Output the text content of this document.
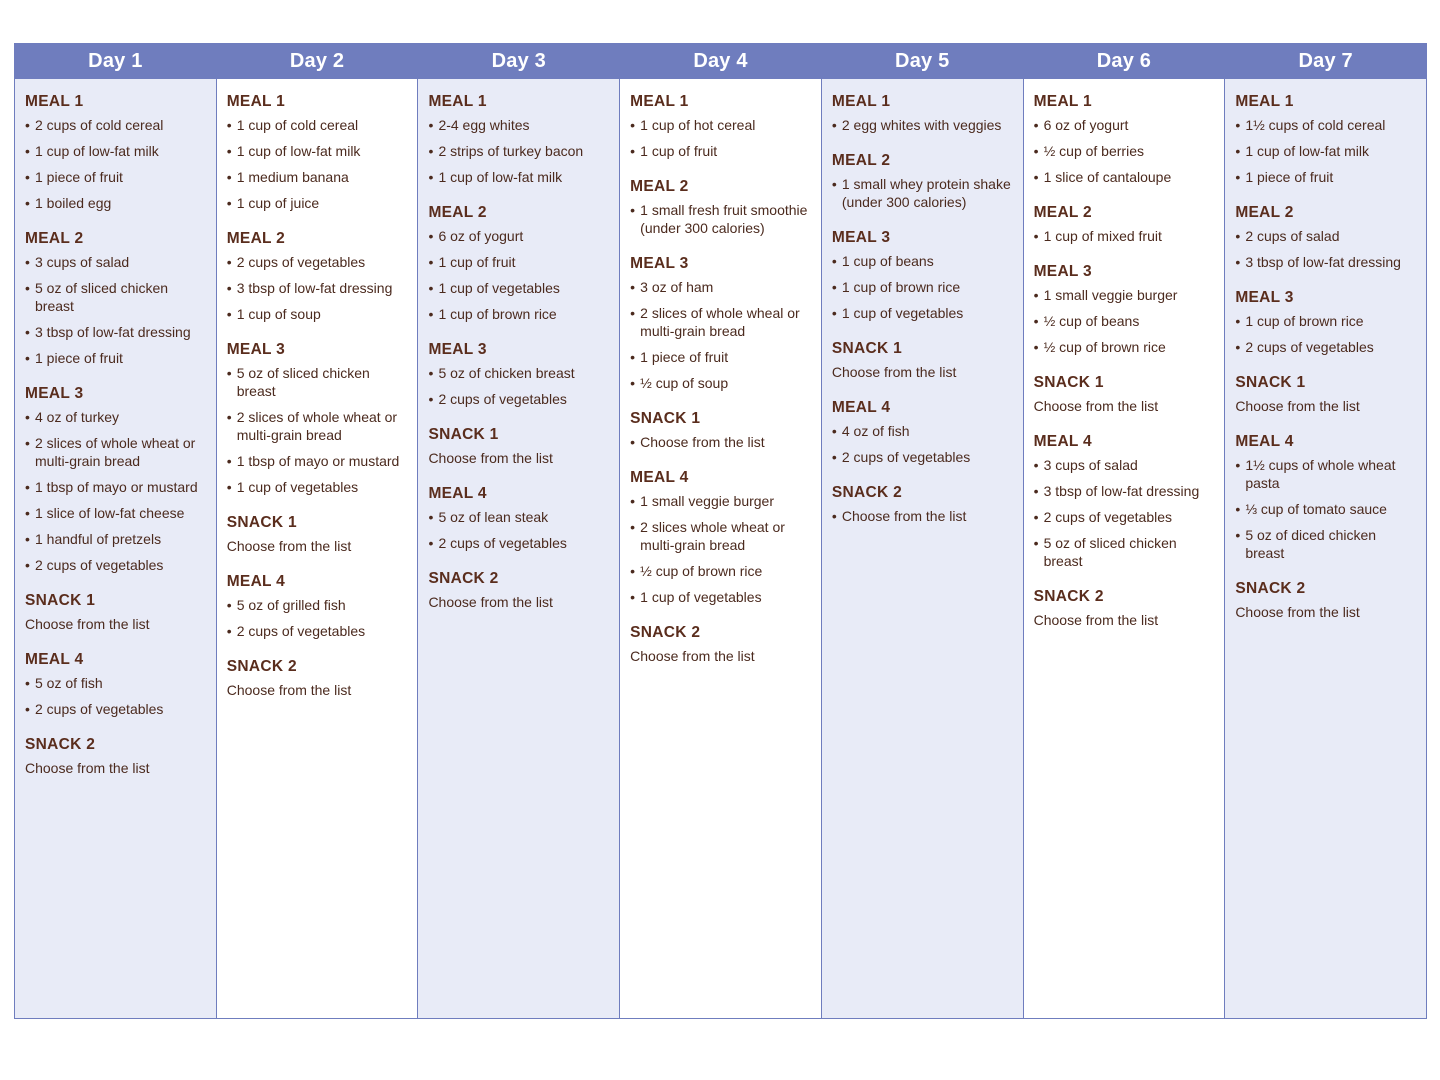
Day 1
MEAL 1
• 2 cups of cold cereal
• 1 cup of low-fat milk
• 1 piece of fruit
• 1 boiled egg
MEAL 2
• 3 cups of salad
• 5 oz of sliced chicken breast
• 3 tbsp of low-fat dressing
• 1 piece of fruit
MEAL 3
• 4 oz of turkey
• 2 slices of whole wheat or multi-grain bread
• 1 tbsp of mayo or mustard
• 1 slice of low-fat cheese
• 1 handful of pretzels
• 2 cups of vegetables
SNACK 1
Choose from the list
MEAL 4
• 5 oz of fish
• 2 cups of vegetables
SNACK 2
Choose from the list
Day 2
MEAL 1
• 1 cup of cold cereal
• 1 cup of low-fat milk
• 1 medium banana
• 1 cup of juice
MEAL 2
• 2 cups of vegetables
• 3 tbsp of low-fat dressing
• 1 cup of soup
MEAL 3
• 5 oz of sliced chicken breast
• 2 slices of whole wheat or multi-grain bread
• 1 tbsp of mayo or mustard
• 1 cup of vegetables
SNACK 1
Choose from the list
MEAL 4
• 5 oz of grilled fish
• 2 cups of vegetables
SNACK 2
Choose from the list
Day 3
MEAL 1
• 2-4 egg whites
• 2 strips of turkey bacon
• 1 cup of low-fat milk
MEAL 2
• 6 oz of yogurt
• 1 cup of fruit
• 1 cup of vegetables
• 1 cup of brown rice
MEAL 3
• 5 oz of chicken breast
• 2 cups of vegetables
SNACK 1
Choose from the list
MEAL 4
• 5 oz of lean steak
• 2 cups of vegetables
SNACK 2
Choose from the list
Day 4
MEAL 1
• 1 cup of hot cereal
• 1 cup of fruit
MEAL 2
• 1 small fresh fruit smoothie (under 300 calories)
MEAL 3
• 3 oz of ham
• 2 slices of whole wheal or multi-grain bread
• 1 piece of fruit
• ½ cup of soup
SNACK 1
• Choose from the list
MEAL 4
• 1 small veggie burger
• 2 slices whole wheat or multi-grain bread
• ½ cup of brown rice
• 1 cup of vegetables
SNACK 2
Choose from the list
Day 5
MEAL 1
• 2 egg whites with veggies
MEAL 2
• 1 small whey protein shake (under 300 calories)
MEAL 3
• 1 cup of beans
• 1 cup of brown rice
• 1 cup of vegetables
SNACK 1
Choose from the list
MEAL 4
• 4 oz of fish
• 2 cups of vegetables
SNACK 2
• Choose from the list
Day 6
MEAL 1
• 6 oz of yogurt
• ½ cup of berries
• 1 slice of cantaloupe
MEAL 2
• 1 cup of mixed fruit
MEAL 3
• 1 small veggie burger
• ½ cup of beans
• ½ cup of brown rice
SNACK 1
Choose from the list
MEAL 4
• 3 cups of salad
• 3 tbsp of low-fat dressing
• 2 cups of vegetables
• 5 oz of sliced chicken breast
SNACK 2
Choose from the list
Day 7
MEAL 1
• 1½ cups of cold cereal
• 1 cup of low-fat milk
• 1 piece of fruit
MEAL 2
• 2 cups of salad
• 3 tbsp of low-fat dressing
MEAL 3
• 1 cup of brown rice
• 2 cups of vegetables
SNACK 1
Choose from the list
MEAL 4
• 1½ cups of whole wheat pasta
• ⅓ cup of tomato sauce
• 5 oz of diced chicken breast
SNACK 2
Choose from the list
